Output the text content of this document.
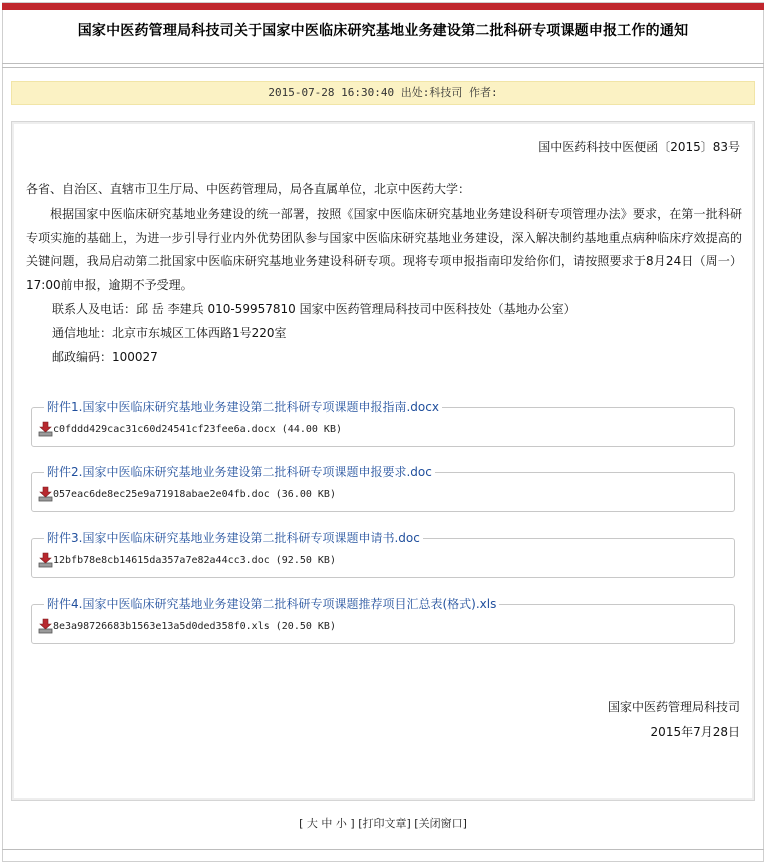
国家中医药管理局科技司关于国家中医临床研究基地业务建设第二批科研专项课题申报工作的通知
2015-07-28 16:30:40 出处:科技司 作者:
国中医药科技中医便函〔2015〕83号
各省、自治区、直辖市卫生厅局、中医药管理局，局各直属单位，北京中医药大学：
根据国家中医临床研究基地业务建设的统一部署，按照《国家中医临床研究基地业务建设科研专项管理办法》要求，在第一批科研专项实施的基础上，为进一步引导行业内外优势团队参与国家中医临床研究基地业务建设，深入解决制约基地重点病种临床疗效提高的关键问题，我局启动第二批国家中医临床研究基地业务建设科研专项。现将专项申报指南印发给你们，请按照要求于8月24日（周一）17:00前申报，逾期不予受理。
联系人及电话：邱 岳 李建兵 010-59957810 国家中医药管理局科技司中医科技处（基地办公室）
通信地址：北京市东城区工体西路1号220室
邮政编码：100027
附件1.国家中医临床研究基地业务建设第二批科研专项课题申报指南.docx
c0fddd429cac31c60d24541cf23fee6a.docx (44.00 KB)
附件2.国家中医临床研究基地业务建设第二批科研专项课题申报要求.doc
057eac6de8ec25e9a71918abae2e04fb.doc (36.00 KB)
附件3.国家中医临床研究基地业务建设第二批科研专项课题申请书.doc
12bfb78e8cb14615da357a7e82a44cc3.doc (92.50 KB)
附件4.国家中医临床研究基地业务建设第二批科研专项课题推荐项目汇总表(格式).xls
8e3a98726683b1563e13a5d0ded358f0.xls (20.50 KB)
国家中医药管理局科技司
2015年7月28日
[ 大 中 小 ] [打印文章] [关闭窗口]
